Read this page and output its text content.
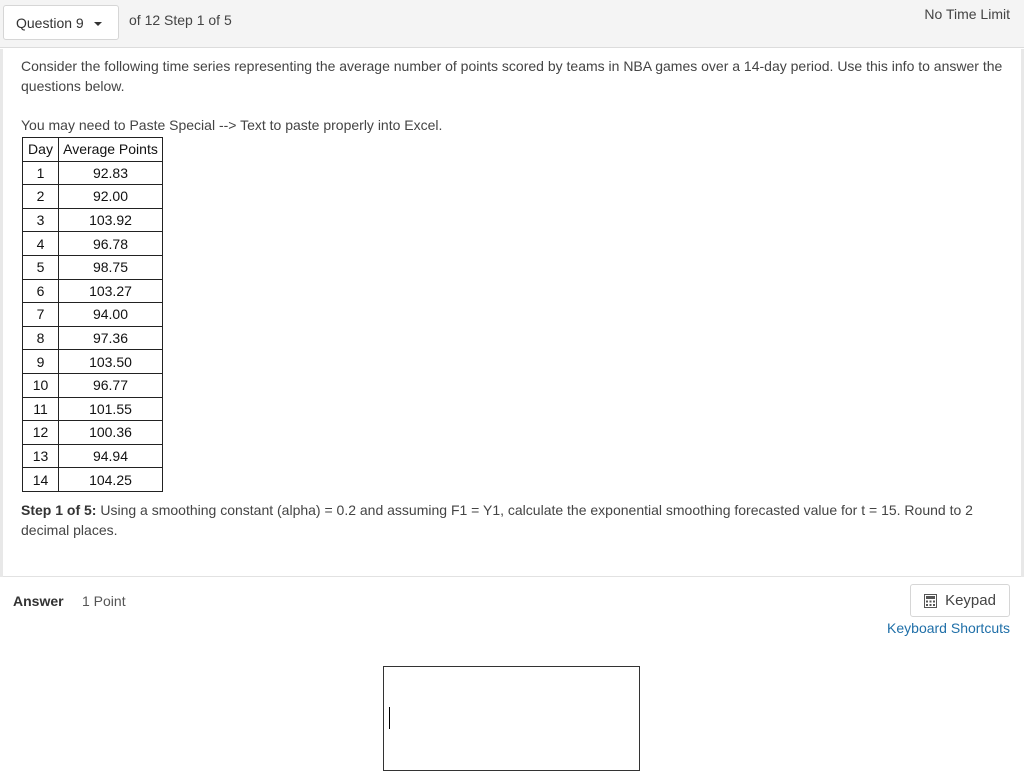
Question 9	of 12 Step 1 of 5	No Time Limit

Consider the following time series representing the average number of points scored by teams in NBA games over a 14-day period. Use this info to answer the questions below.

You may need to Paste Special --> Text to paste properly into Excel.

Day	Average Points
1	92.83
2	92.00
3	103.92
4	96.78
5	98.75
6	103.27
7	94.00
8	97.36
9	103.50
10	96.77
11	101.55
12	100.36
13	94.94
14	104.25

Step 1 of 5: Using a smoothing constant (alpha) = 0.2 and assuming F1 = Y1, calculate the exponential smoothing forecasted value for t = 15. Round to 2 decimal places.

Answer 1 Point	Keypad
Keyboard Shortcuts
